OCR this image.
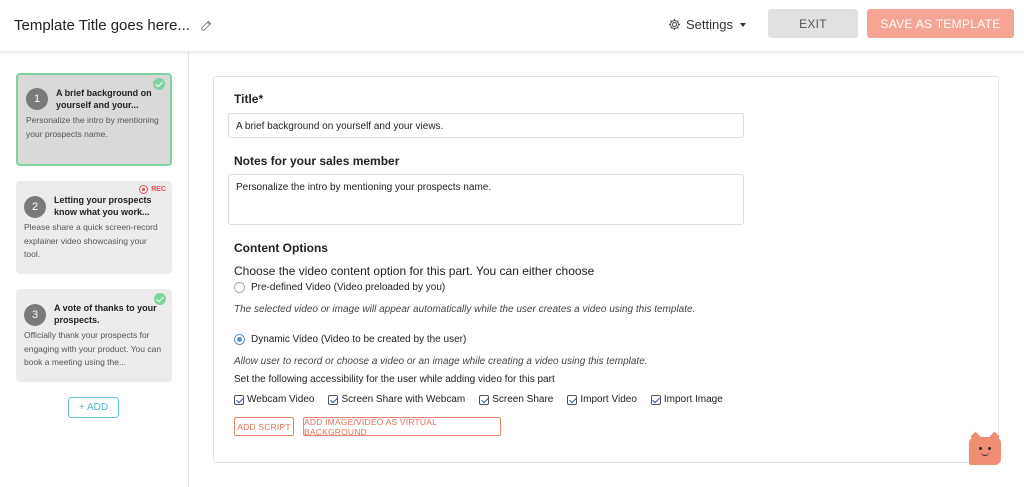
Template Title goes here...	Settings	EXIT	SAVE AS TEMPLATE
1	A brief background on yourself and your...
Personalize the intro by mentioning your prospects name.
REC
2
Letting your prospects know what you work...
Please share a quick screen-record explainer video showcasing your tool.
3
A vote of thanks to your prospects.
Officially thank your prospects for engaging with your product. You can book a meeting using the...
+ ADD
Title*
A brief background on yourself and your views.
Notes for your sales member
Personalize the intro by mentioning your prospects name.
Content Options
Choose the video content option for this part. You can either choose
Pre-defined Video (Video preloaded by you)
The selected video or image will appear automatically while the user creates a video using this template.
Dynamic Video (Video to be created by the user)
Allow user to record or choose a video or an image while creating a video using this template.
Set the following accessibility for the user while adding video for this part
Webcam Video	Screen Share with Webcam	Screen Share	Import Video	Import Image
ADD SCRIPT	ADD IMAGE/VIDEO AS VIRTUAL BACKGROUND
